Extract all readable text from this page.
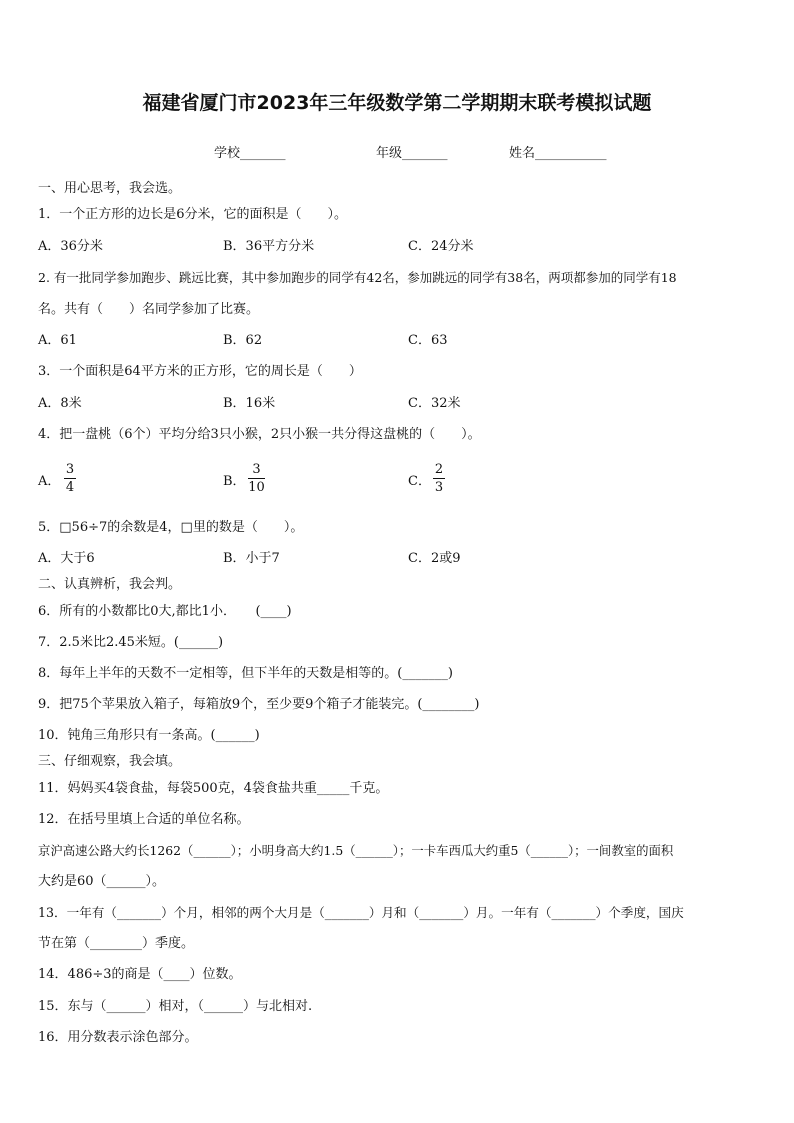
福建省厦门市2023年三年级数学第二学期期末联考模拟试题
学校_______	年级_______	姓名___________
一、用心思考，我会选。
1．一个正方形的边长是6分米，它的面积是（　　）。
A．36分米	B．36平方分米	C．24分米
2. 有一批同学参加跑步、跳远比赛，其中参加跑步的同学有42名，参加跳远的同学有38名，两项都参加的同学有18
名。共有（　　）名同学参加了比赛。
A．61	B．62	C．63
3．一个面积是64平方米的正方形，它的周长是（　　）
A．8米	B．16米	C．32米
4．把一盘桃（6个）平均分给3只小猴，2只小猴一共分得这盘桃的（　　）。
A．
3
4	B．
3
10	C．
2
3
5．□56÷7的余数是4，□里的数是（　　）。
A．大于6	B．小于7	C．2或9
二、认真辨析，我会判。
6．所有的小数都比0大,都比1小．　　(____)
7．2.5米比2.45米短。(______)
8．每年上半年的天数不一定相等，但下半年的天数是相等的。(_______)
9．把75个苹果放入箱子，每箱放9个，至少要9个箱子才能装完。(________)
10．钝角三角形只有一条高。(______)
三、仔细观察，我会填。
11．妈妈买4袋食盐，每袋500克，4袋食盐共重_____千克。
12．在括号里填上合适的单位名称。
京沪高速公路大约长1262（______）；小明身高大约1.5（______）；一卡车西瓜大约重5（______）；一间教室的面积
大约是60（______）。
13．一年有（_______）个月，相邻的两个大月是（_______）月和（_______）月。一年有（_______）个季度，国庆
节在第（________）季度。
14．486÷3的商是（____）位数。
15．东与（______）相对，（______）与北相对.
16．用分数表示涂色部分。
